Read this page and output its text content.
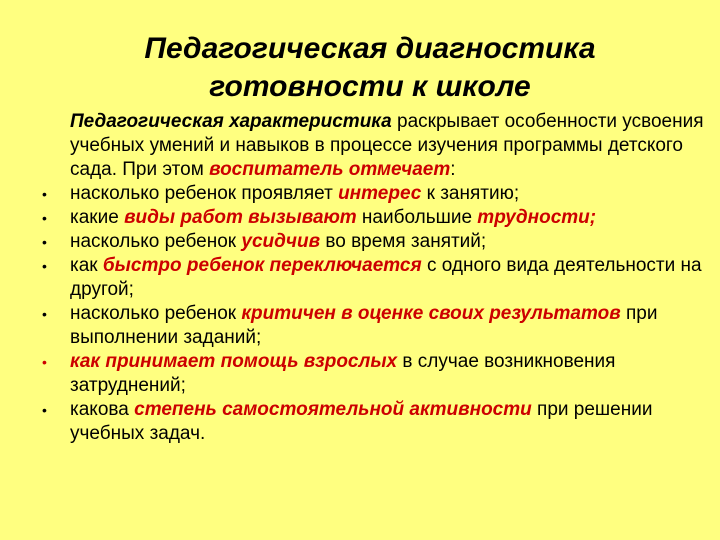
Педагогическая диагностика
готовности к школе
Педагогическая характеристика раскрывает особенности усвоения учебных умений и навыков в процессе изучения программы детского сада. При этом воспитатель отмечает:
•	насколько ребенок проявляет интерес к занятию;
•	какие виды работ вызывают наибольшие трудности;
•	насколько ребенок усидчив во время занятий;
•	как быстро ребенок переключается с одного вида деятельности на другой;
•	насколько ребенок критичен в оценке своих результатов при выполнении заданий;
•	как принимает помощь взрослых в случае возникновения затруднений;
•	какова степень самостоятельной активности при решении учебных задач.
